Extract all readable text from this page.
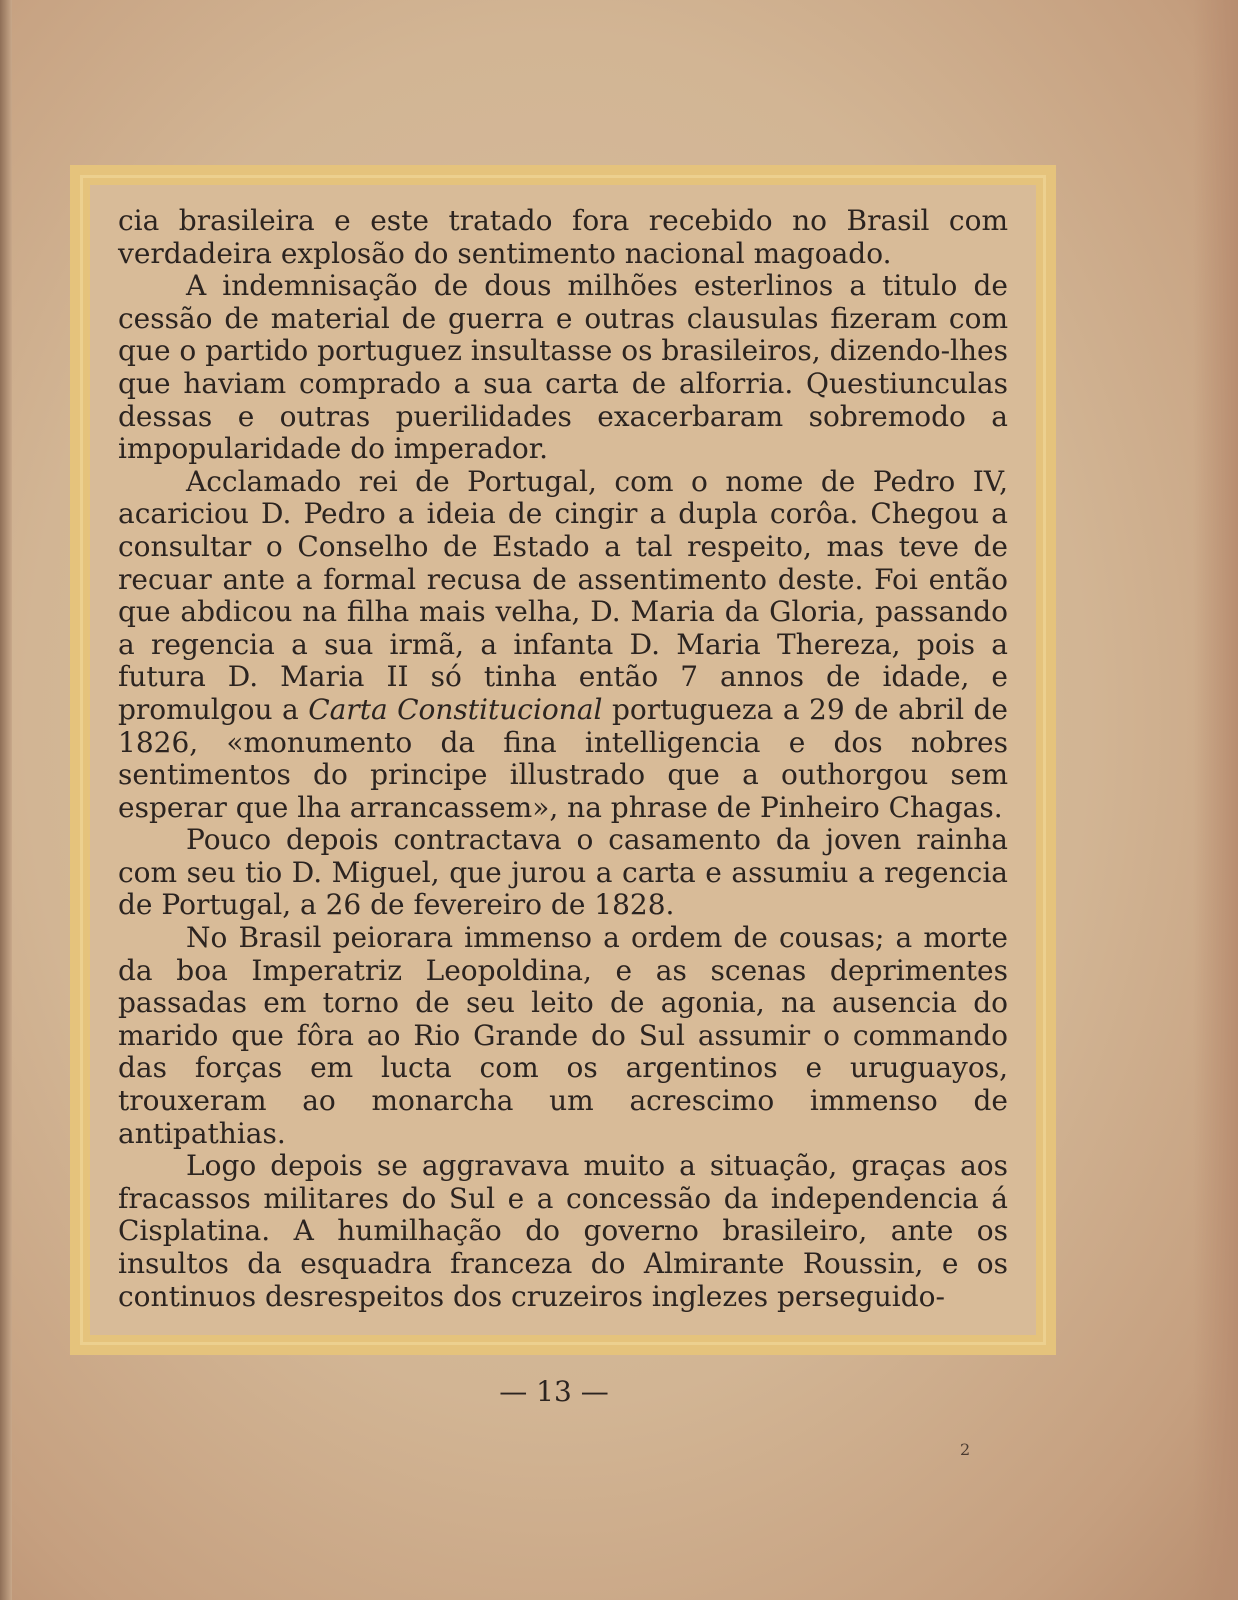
cia brasileira e este tratado fora recebido no Brasil com verdadeira explosão do sentimento nacional magoado.

A indemnisação de dous milhões esterlinos a titulo de cessão de material de guerra e outras clausulas fizeram com que o partido portuguez insultasse os brasileiros, dizendo-lhes que haviam comprado a sua carta de alforria. Questiunculas dessas e outras puerilidades exacerbaram sobremodo a impopularidade do imperador.

Acclamado rei de Portugal, com o nome de Pedro IV, acariciou D. Pedro a ideia de cingir a dupla corôa. Chegou a consultar o Conselho de Estado a tal respeito, mas teve de recuar ante a formal recusa de assentimento deste. Foi então que abdicou na filha mais velha, D. Maria da Gloria, passando a regencia a sua irmã, a infanta D. Maria Thereza, pois a futura D. Maria II só tinha então 7 annos de idade, e promulgou a Carta Constitucional portugueza a 29 de abril de 1826, «monumento da fina intelligencia e dos nobres sentimentos do principe illustrado que a outhorgou sem esperar que lha arrancassem», na phrase de Pinheiro Chagas.

Pouco depois contractava o casamento da joven rainha com seu tio D. Miguel, que jurou a carta e assumiu a regencia de Portugal, a 26 de fevereiro de 1828.

No Brasil peiorara immenso a ordem de cousas; a morte da boa Imperatriz Leopoldina, e as scenas deprimentes passadas em torno de seu leito de agonia, na ausencia do marido que fôra ao Rio Grande do Sul assumir o commando das forças em lucta com os argentinos e uruguayos, trouxeram ao monarcha um acrescimo immenso de antipathias.

Logo depois se aggravava muito a situação, graças aos fracassos militares do Sul e a concessão da independencia á Cisplatina. A humilhação do governo brasileiro, ante os insultos da esquadra franceza do Almirante Roussin, e os continuos desrespeitos dos cruzeiros inglezes perseguido-

— 13 —
2
